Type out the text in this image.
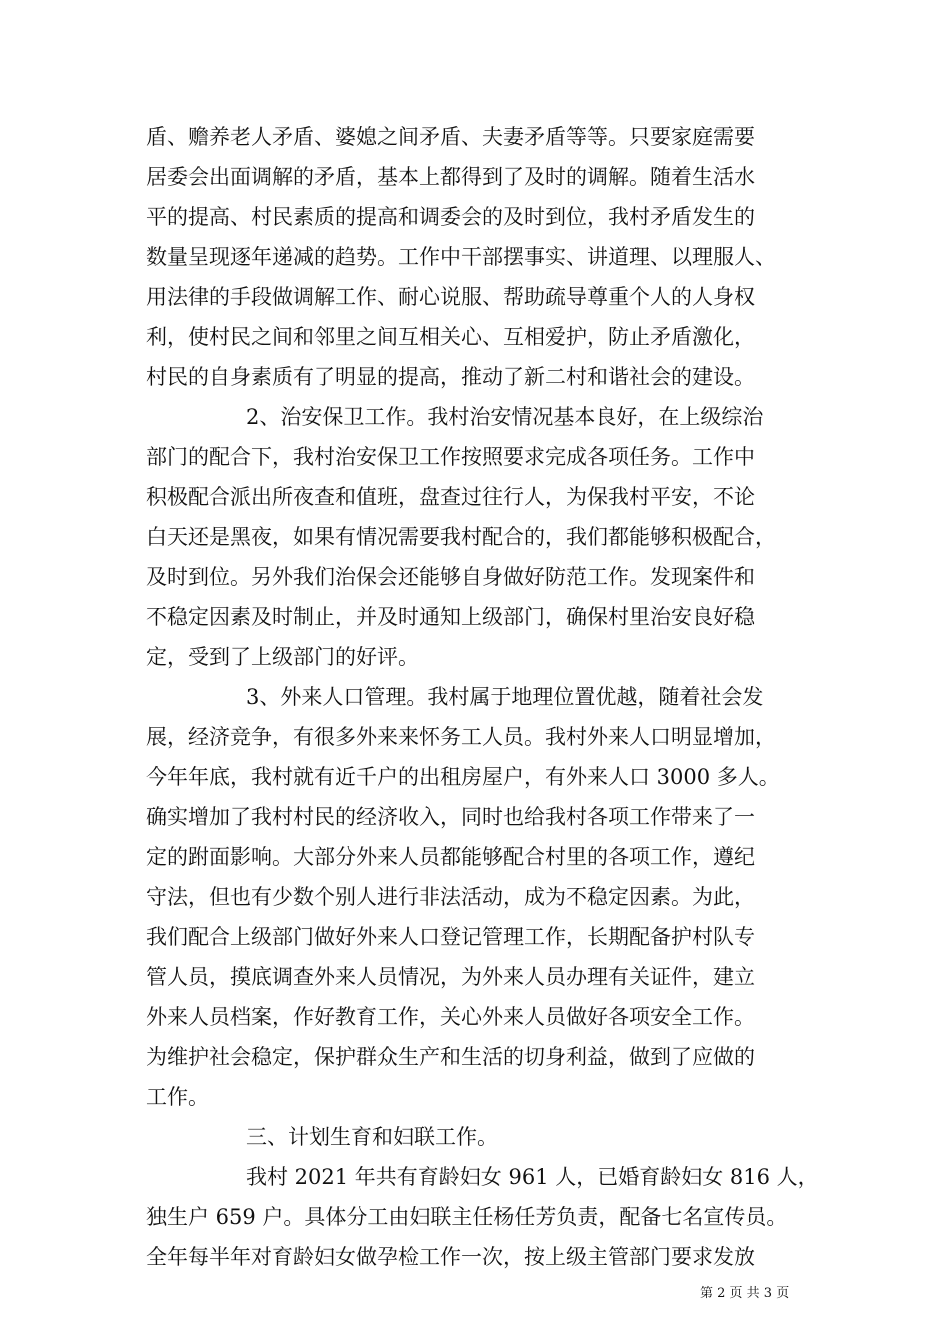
盾、赡养老人矛盾、婆媳之间矛盾、夫妻矛盾等等。只要家庭需要
居委会出面调解的矛盾，基本上都得到了及时的调解。随着生活水
平的提高、村民素质的提高和调委会的及时到位，我村矛盾发生的
数量呈现逐年递减的趋势。工作中干部摆事实、讲道理、以理服人、
用法律的手段做调解工作、耐心说服、帮助疏导尊重个人的人身权
利，使村民之间和邻里之间互相关心、互相爱护，防止矛盾激化，
村民的自身素质有了明显的提高，推动了新二村和谐社会的建设。
2、治安保卫工作。我村治安情况基本良好，在上级综治
部门的配合下，我村治安保卫工作按照要求完成各项任务。工作中
积极配合派出所夜查和值班，盘查过往行人，为保我村平安，不论
白天还是黑夜，如果有情况需要我村配合的，我们都能够积极配合，
及时到位。另外我们治保会还能够自身做好防范工作。发现案件和
不稳定因素及时制止，并及时通知上级部门，确保村里治安良好稳
定，受到了上级部门的好评。
3、外来人口管理。我村属于地理位置优越，随着社会发
展，经济竞争，有很多外来来怀务工人员。我村外来人口明显增加，
今年年底，我村就有近千户的出租房屋户，有外来人口 3000 多人。
确实增加了我村村民的经济收入，同时也给我村各项工作带来了一
定的跗面影响。大部分外来人员都能够配合村里的各项工作，遵纪
守法，但也有少数个别人进行非法活动，成为不稳定因素。为此，
我们配合上级部门做好外来人口登记管理工作，长期配备护村队专
管人员，摸底调查外来人员情况，为外来人员办理有关证件，建立
外来人员档案，作好教育工作，关心外来人员做好各项安全工作。
为维护社会稳定，保护群众生产和生活的切身利益，做到了应做的
工作。
三、计划生育和妇联工作。
我村 2021 年共有育龄妇女 961 人，已婚育龄妇女 816 人，
独生户 659 户。具体分工由妇联主任杨任芳负责，配备七名宣传员。
全年每半年对育龄妇女做孕检工作一次，按上级主管部门要求发放
第 2 页 共 3 页
